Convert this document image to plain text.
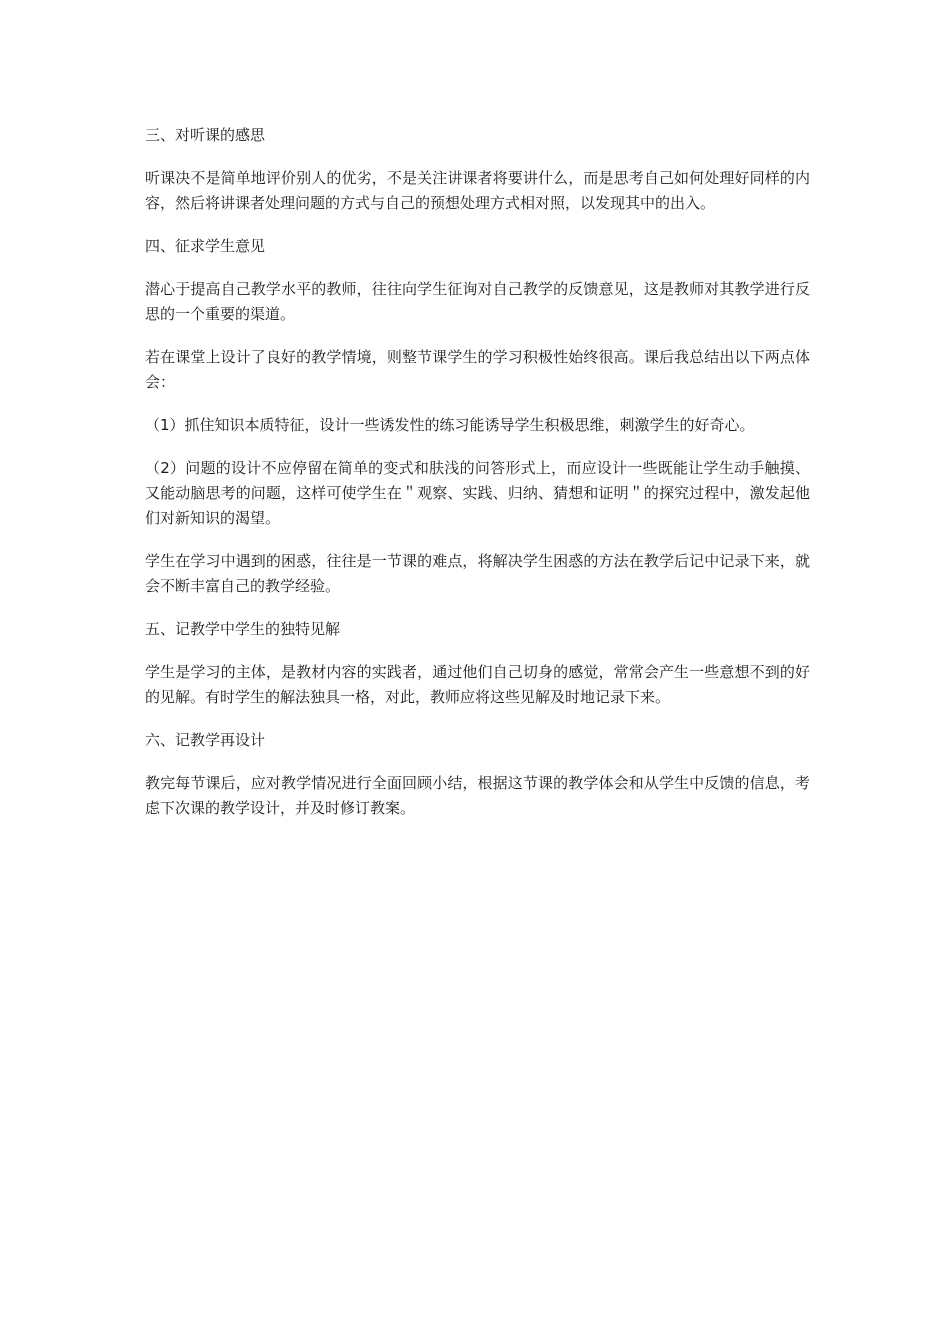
三、对听课的感思

听课决不是简单地评价别人的优劣，不是关注讲课者将要讲什么，而是思考自己如何处理好同样的内容，然后将讲课者处理问题的方式与自己的预想处理方式相对照，以发现其中的出入。

四、征求学生意见

潜心于提高自己教学水平的教师，往往向学生征询对自己教学的反馈意见，这是教师对其教学进行反思的一个重要的渠道。

若在课堂上设计了良好的教学情境，则整节课学生的学习积极性始终很高。课后我总结出以下两点体会：

（1）抓住知识本质特征，设计一些诱发性的练习能诱导学生积极思维，刺激学生的好奇心。

（2）问题的设计不应停留在简单的变式和肤浅的问答形式上，而应设计一些既能让学生动手触摸、又能动脑思考的问题，这样可使学生在＂观察、实践、归纳、猜想和证明＂的探究过程中，激发起他们对新知识的渴望。

学生在学习中遇到的困惑，往往是一节课的难点，将解决学生困惑的方法在教学后记中记录下来，就会不断丰富自己的教学经验。

五、记教学中学生的独特见解

学生是学习的主体，是教材内容的实践者，通过他们自己切身的感觉，常常会产生一些意想不到的好的见解。有时学生的解法独具一格，对此，教师应将这些见解及时地记录下来。

六、记教学再设计

教完每节课后，应对教学情况进行全面回顾小结，根据这节课的教学体会和从学生中反馈的信息，考虑下次课的教学设计，并及时修订教案。
